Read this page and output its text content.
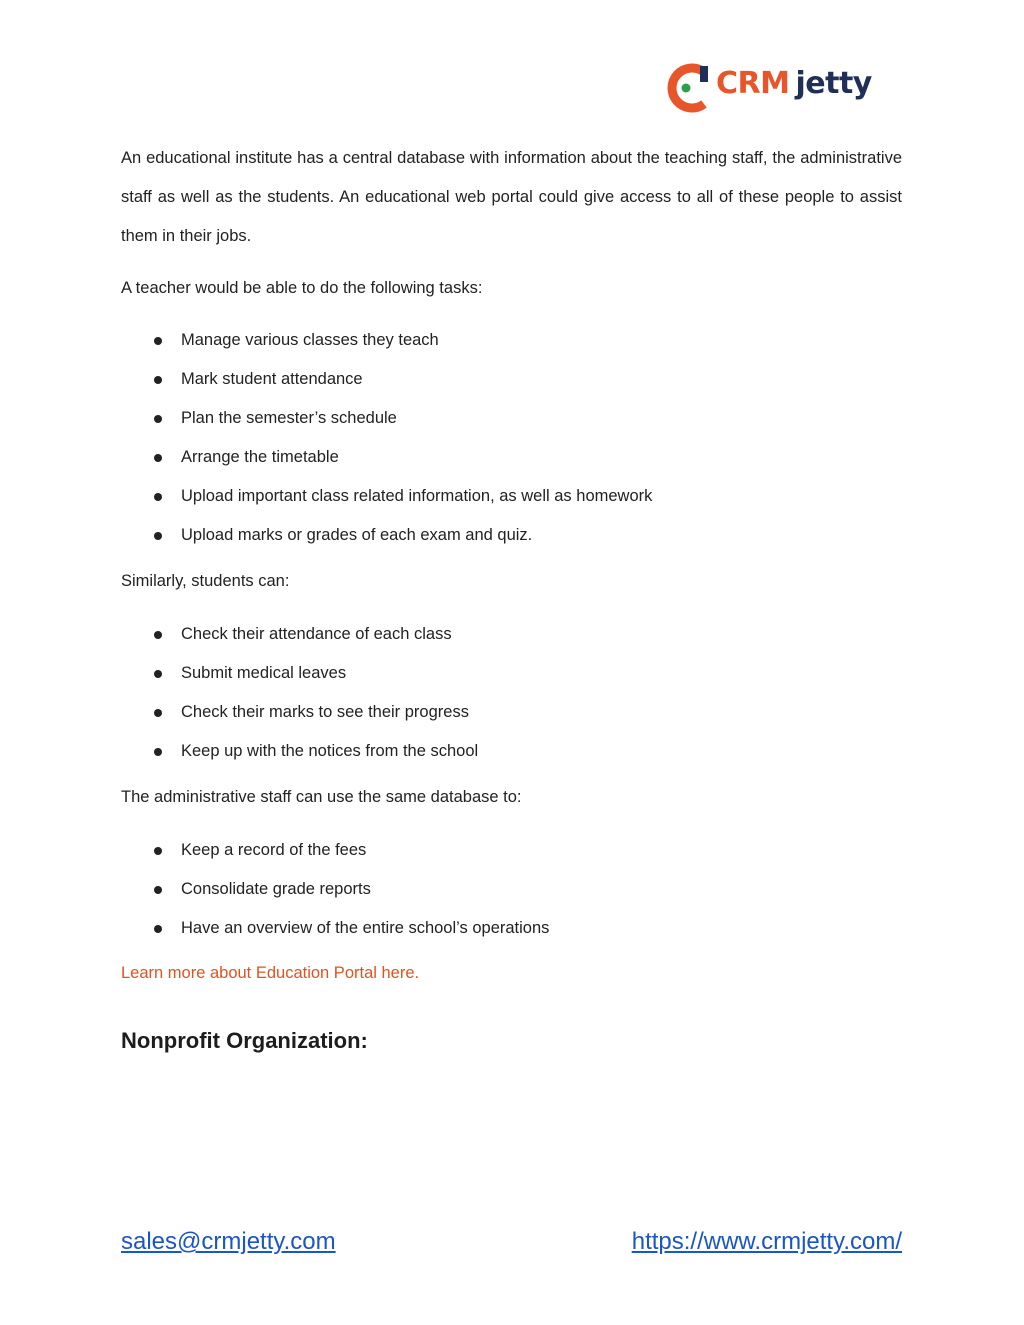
CRM jetty

An educational institute has a central database with information about the teaching staff, the administrative staff as well as the students. An educational web portal could give access to all of these people to assist them in their jobs.

A teacher would be able to do the following tasks:
Manage various classes they teach
Mark student attendance
Plan the semester’s schedule
Arrange the timetable
Upload important class related information, as well as homework
Upload marks or grades of each exam and quiz.
Similarly, students can:
Check their attendance of each class
Submit medical leaves
Check their marks to see their progress
Keep up with the notices from the school
The administrative staff can use the same database to:
Keep a record of the fees
Consolidate grade reports
Have an overview of the entire school’s operations
Learn more about Education Portal here.
Nonprofit Organization:
sales@crmjetty.com	https://www.crmjetty.com/
